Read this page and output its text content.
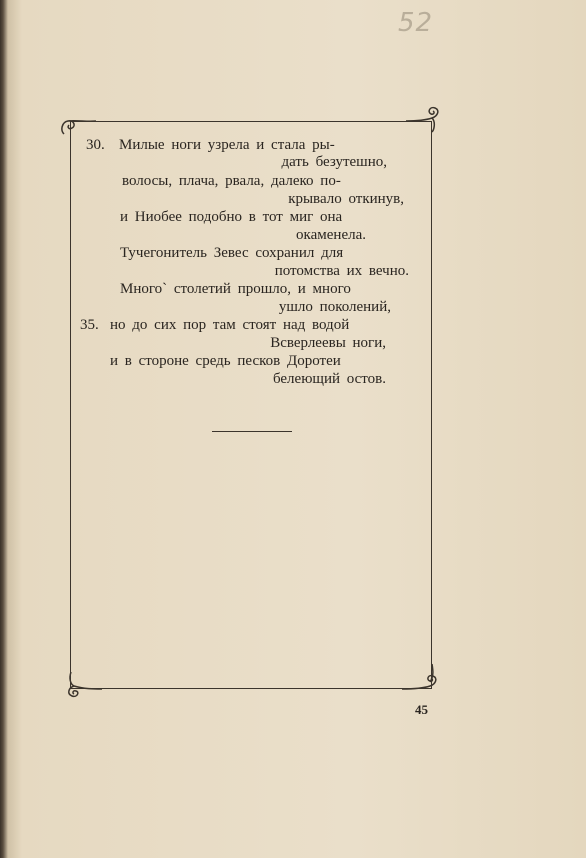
52
30. Милые ноги узрела и стала ры-
дать безутешно,
волосы, плача, рвала, далеко по-
крывало откинув,
и Ниобее подобно в тот миг она
окаменела.
Тучегонитель Зевес сохранил для
потомства их вечно.
Много` столетий прошло, и много
ушло поколений,
35. но до сих пор там стоят над водой
Всверлеевы ноги,
и в стороне средь песков Доротеи
белеющий остов.
45
